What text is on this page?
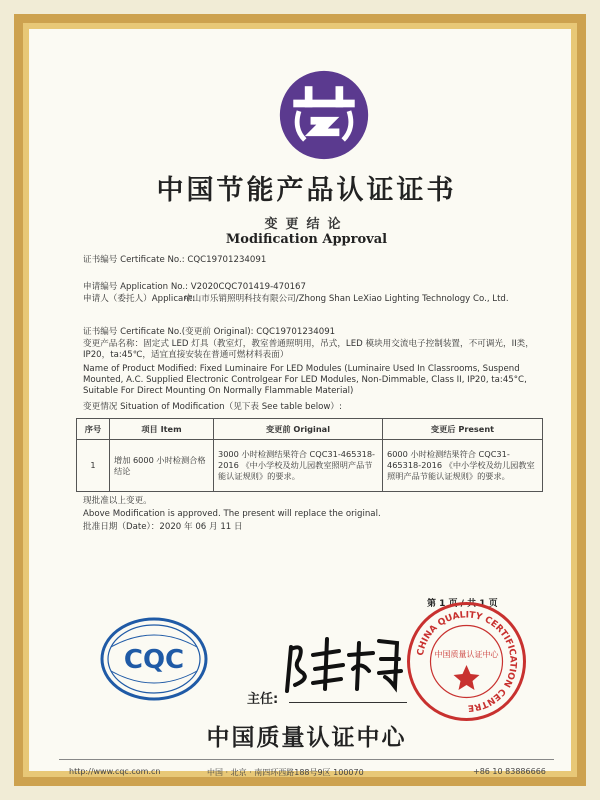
中国节能产品认证证书
变更结论
Modification Approval
证书编号 Certificate No.: CQC19701234091
申请编号 Application No.: V2020CQC701419-470167
申请人（委托人）Applicant:
中山市乐销照明科技有限公司/Zhong Shan LeXiao Lighting Technology Co., Ltd.
证书编号 Certificate No.(变更前 Original): CQC19701234091
变更产品名称：固定式 LED 灯具（教室灯，教室普通照明用，吊式，LED 模块用交流电子控制装置，不可调光，II类，IP20，ta:45℃，适宜直接安装在普通可燃材料表面）
Name of Product Modified: Fixed Luminaire For LED Modules (Luminaire Used In Classrooms, Suspend Mounted, A.C. Supplied Electronic Controlgear For LED Modules, Non-Dimmable, Class II, IP20, ta:45°C, Suitable For Direct Mounting On Normally Flammable Material)
变更情况 Situation of Modification（见下表 See table below）:
序号	项目 Item	变更前 Original	变更后 Present
1	增加 6000 小时检测合格结论	3000 小时检测结果符合 CQC31-465318-2016 《中小学校及幼儿园教室照明产品节能认证规则》的要求。	6000 小时检测结果符合 CQC31-465318-2016 《中小学校及幼儿园教室照明产品节能认证规则》的要求。
现批准以上变更。
Above Modification is approved. The present will replace the original.
批准日期（Date）：2020 年 06 月 11 日
第 1 页 / 共 1 页
CQC
主任:
CHINA QUALITY CERTIFICATION CENTRE
中国质量认证中心
中国质量认证中心
http://www.cqc.com.cn	中国 · 北京 · 南四环西路188号9区 100070	+86 10 83886666
